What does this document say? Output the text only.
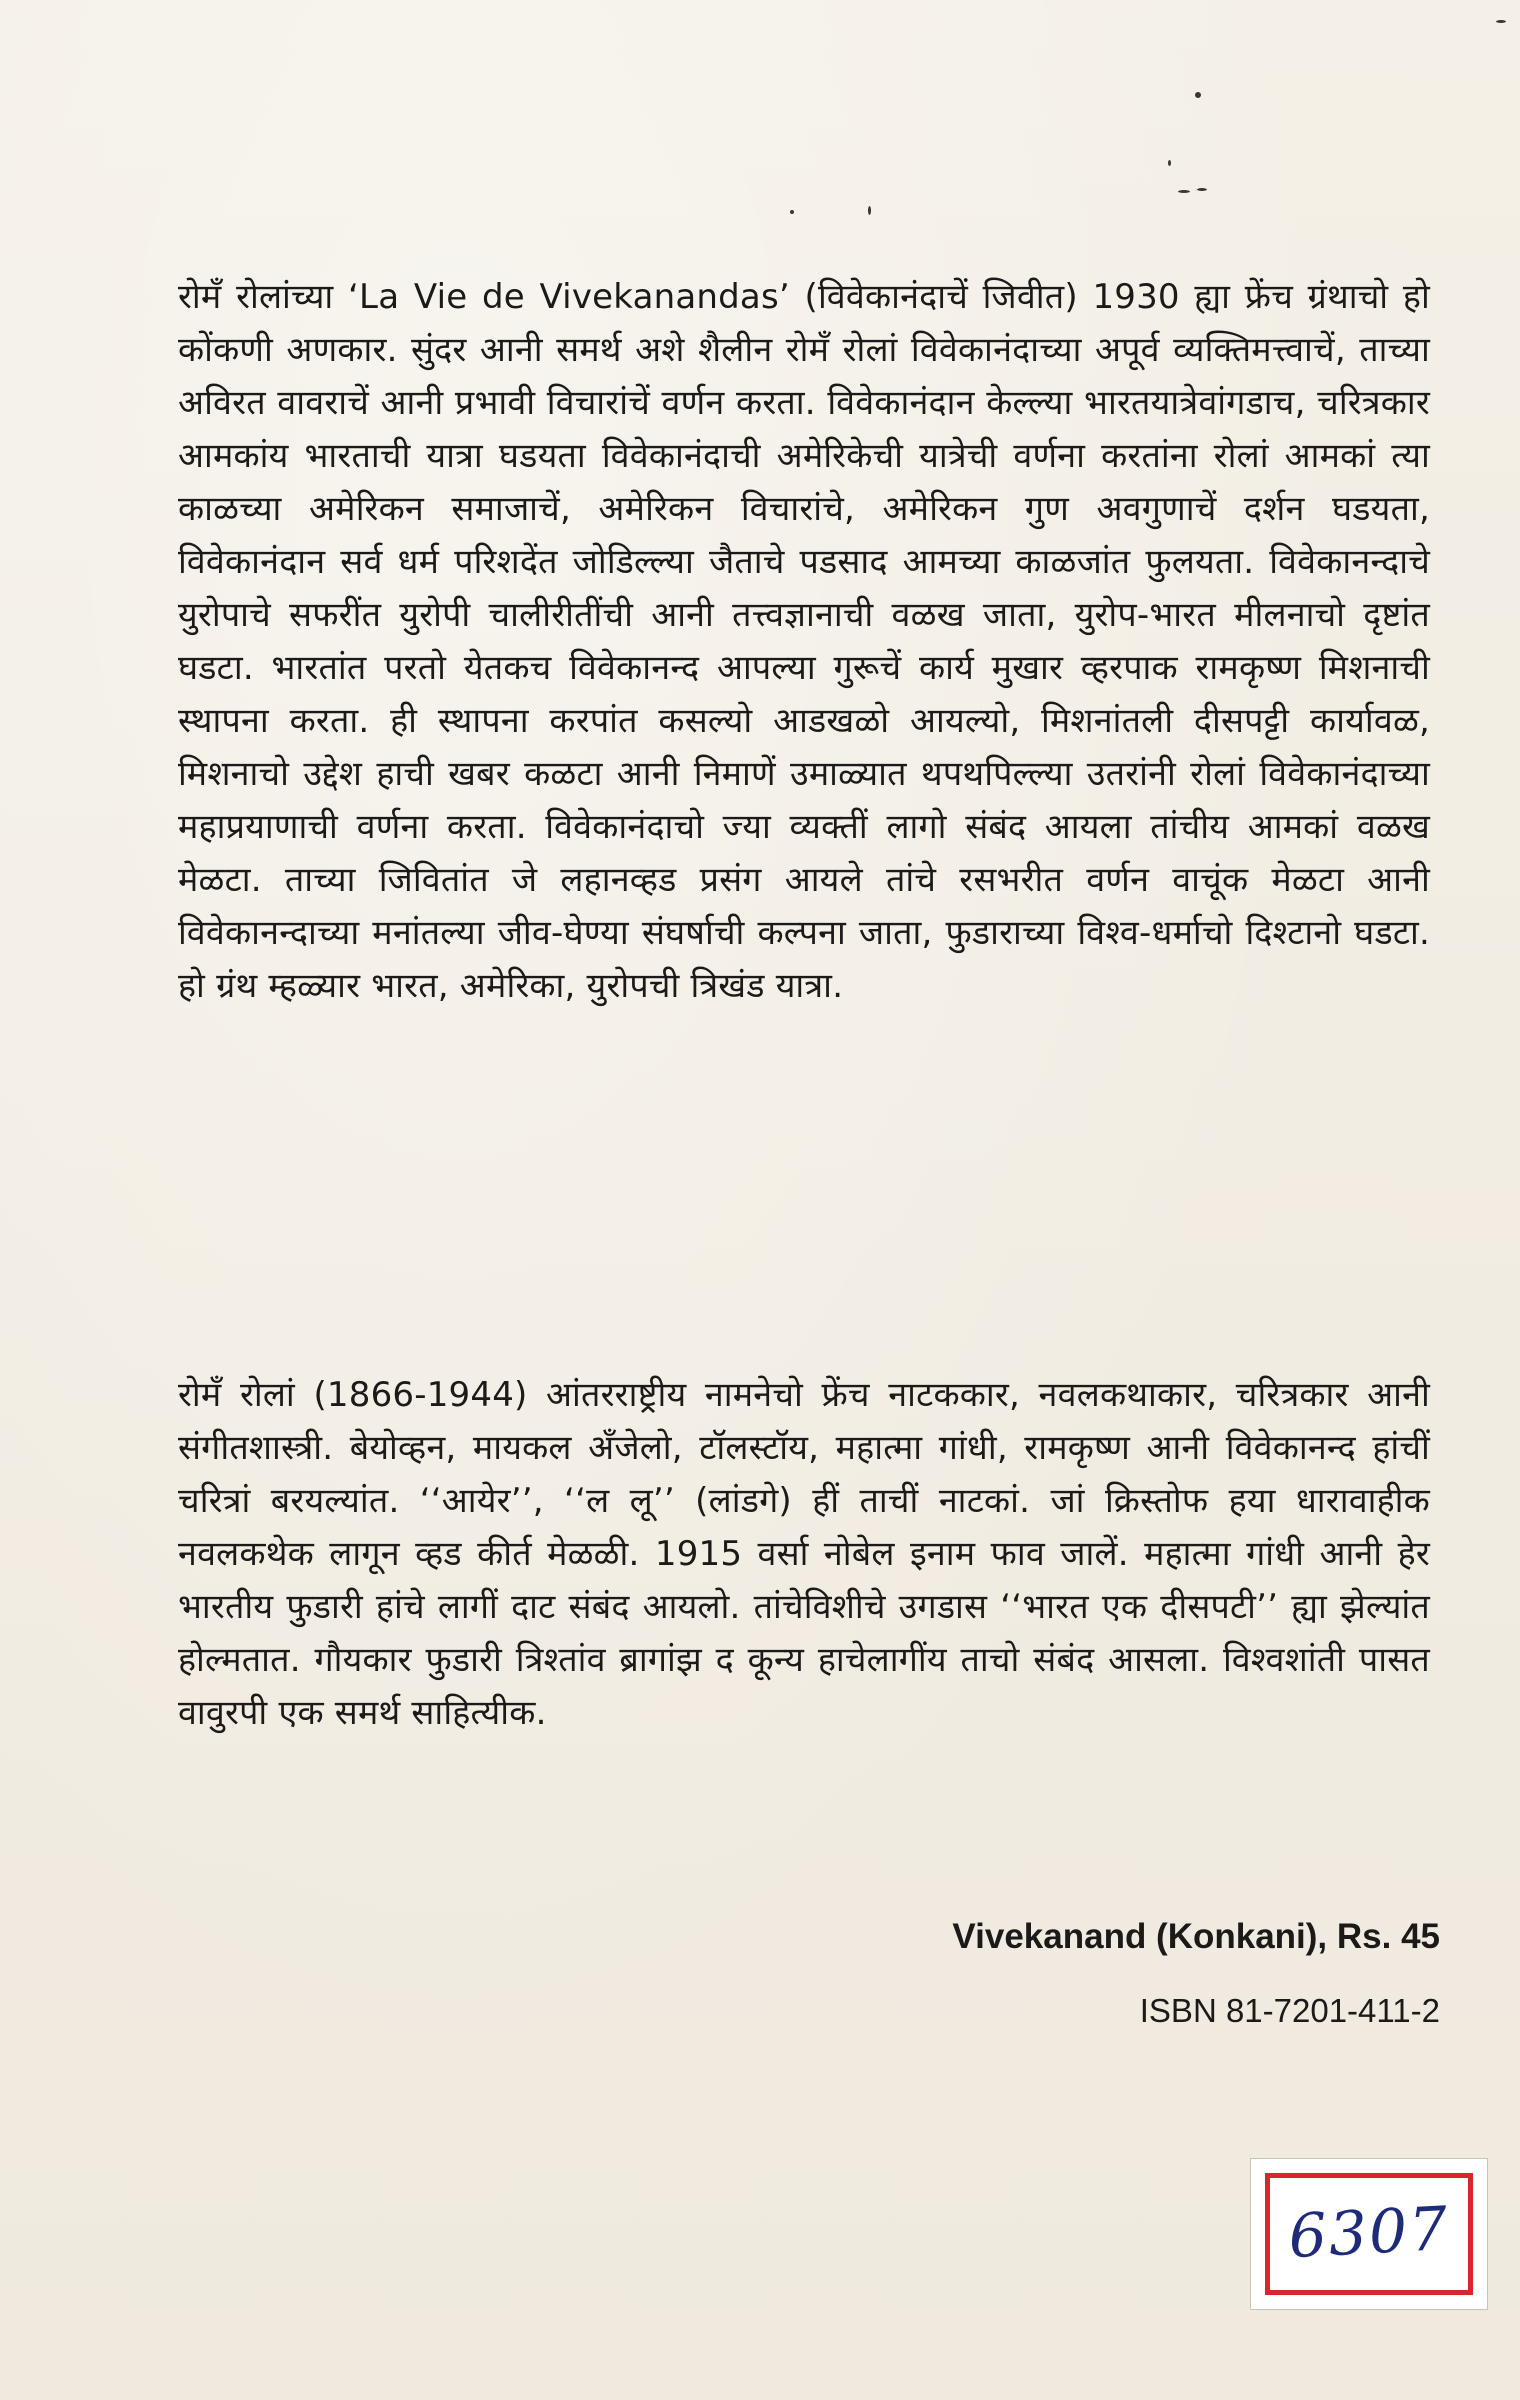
रोमँ रोलांच्या ‘La Vie de Vivekanandas’ (विवेकानंदाचें जिवीत) 1930 ह्या फ्रेंच ग्रंथाचो हो कोंकणी अणकार. सुंदर आनी समर्थ अशे शैलीन रोमँ रोलां विवेकानंदाच्या अपूर्व व्यक्तिमत्त्वाचें, ताच्या अविरत वावराचें आनी प्रभावी विचारांचें वर्णन करता. विवेकानंदान केल्ल्या भारतयात्रेवांगडाच, चरित्रकार आमकांय भारताची यात्रा घडयता विवेकानंदाची अमेरिकेची यात्रेची वर्णना करतांना रोलां आमकां त्या काळच्या अमेरिकन समाजाचें, अमेरिकन विचारांचे, अमेरिकन गुण अवगुणाचें दर्शन घडयता, विवेकानंदान सर्व धर्म परिशदेंत जोडिल्ल्या जैताचे पडसाद आमच्या काळजांत फुलयता. विवेकानन्दाचे युरोपाचे सफरींत युरोपी चालीरीतींची आनी तत्त्वज्ञानाची वळख जाता, युरोप-भारत मीलनाचो दृष्टांत घडटा. भारतांत परतो येतकच विवेकानन्द आपल्या गुरूचें कार्य मुखार व्हरपाक रामकृष्ण मिशनाची स्थापना करता. ही स्थापना करपांत कसल्यो आडखळो आयल्यो, मिशनांतली दीसपट्टी कार्यावळ, मिशनाचो उद्देश हाची खबर कळटा आनी निमाणें उमाळ्यात थपथपिल्ल्या उतरांनी रोलां विवेकानंदाच्या महाप्रयाणाची वर्णना करता. विवेकानंदाचो ज्या व्यक्तीं लागो संबंद आयला तांचीय आमकां वळख मेळटा. ताच्या जिवितांत जे लहानव्हड प्रसंग आयले तांचे रसभरीत वर्णन वाचूंक मेळटा आनी विवेकानन्दाच्या मनांतल्या जीव-घेण्या संघर्षाची कल्पना जाता, फुडाराच्या विश्व-धर्माचो दिश्टानो घडटा. हो ग्रंथ म्हळ्यार भारत, अमेरिका, युरोपची त्रिखंड यात्रा.

रोमँ रोलां (1866-1944) आंतरराष्ट्रीय नामनेचो फ्रेंच नाटककार, नवलकथाकार, चरित्रकार आनी संगीतशास्त्री. बेयोव्हन, मायकल अँजेलो, टॉलस्टॉय, महात्मा गांधी, रामकृष्ण आनी विवेकानन्द हांचीं चरित्रां बरयल्यांत. ‘‘आयेर’’, ‘‘ल लू’’ (लांडगे) हीं ताचीं नाटकां. जां क्रिस्तोफ हया धारावाहीक नवलकथेक लागून व्हड कीर्त मेळळी. 1915 वर्सा नोबेल इनाम फाव जालें. महात्मा गांधी आनी हेर भारतीय फुडारी हांचे लागीं दाट संबंद आयलो. तांचेविशीचे उगडास ‘‘भारत एक दीसपटी’’ ह्या झेल्यांत होल्मतात. गौयकार फुडारी त्रिश्तांव ब्रागांझ द कून्य हाचेलागींय ताचो संबंद आसला. विश्वशांती पासत वावुरपी एक समर्थ साहित्यीक.

Vivekanand (Konkani), Rs. 45
ISBN 81-7201-411-2
6307
